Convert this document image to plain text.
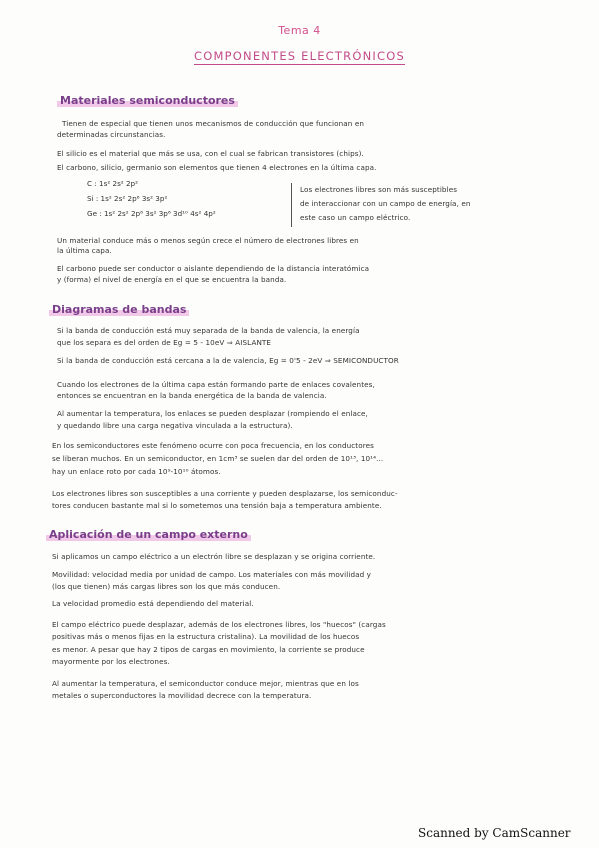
Tema 4
COMPONENTES ELECTRÓNICOS
Materiales semiconductores
Tienen de especial que tienen unos mecanismos de conducción que funcionan en
determinadas circunstancias.
El silicio es el material que más se usa, con el cual se fabrican transistores (chips).
El carbono, silicio, germanio son elementos que tienen 4 electrones en la última capa.
C : 1s² 2s² 2p²
Si : 1s² 2s² 2p⁶ 3s² 3p²
Ge : 1s² 2s² 2p⁶ 3s² 3p⁶ 3d¹⁰ 4s² 4p²
Los electrones libres son más susceptibles
de interaccionar con un campo de energía, en
este caso un campo eléctrico.
Un material conduce más o menos según crece el número de electrones libres en
la última capa.
El carbono puede ser conductor o aislante dependiendo de la distancia interatómica
y (forma) el nivel de energía en el que se encuentra la banda.
Diagramas de bandas
Si la banda de conducción está muy separada de la banda de valencia, la energía
que los separa es del orden de Eg = 5 - 10eV ⇒ AISLANTE
Si la banda de conducción está cercana a la de valencia, Eg = 0'5 - 2eV ⇒ SEMICONDUCTOR
Cuando los electrones de la última capa están formando parte de enlaces covalentes,
entonces se encuentran en la banda energética de la banda de valencia.
Al aumentar la temperatura, los enlaces se pueden desplazar (rompiendo el enlace,
y quedando libre una carga negativa vinculada a la estructura).
En los semiconductores este fenómeno ocurre con poca frecuencia, en los conductores
se liberan muchos. En un semiconductor, en 1cm³ se suelen dar del orden de 10¹³, 10¹⁴...
hay un enlace roto por cada 10⁹-10¹⁰ átomos.
Los electrones libres son susceptibles a una corriente y pueden desplazarse, los semiconduc-
tores conducen bastante mal si lo sometemos una tensión baja a temperatura ambiente.
Aplicación de un campo externo
Si aplicamos un campo eléctrico a un electrón libre se desplazan y se origina corriente.
Movilidad: velocidad media por unidad de campo. Los materiales con más movilidad y
(los que tienen) más cargas libres son los que más conducen.
La velocidad promedio está dependiendo del material.
El campo eléctrico puede desplazar, además de los electrones libres, los "huecos" (cargas
positivas más o menos fijas en la estructura cristalina). La movilidad de los huecos
es menor. A pesar que hay 2 tipos de cargas en movimiento, la corriente se produce
mayormente por los electrones.
Al aumentar la temperatura, el semiconductor conduce mejor, mientras que en los
metales o superconductores la movilidad decrece con la temperatura.
Scanned by CamScanner
